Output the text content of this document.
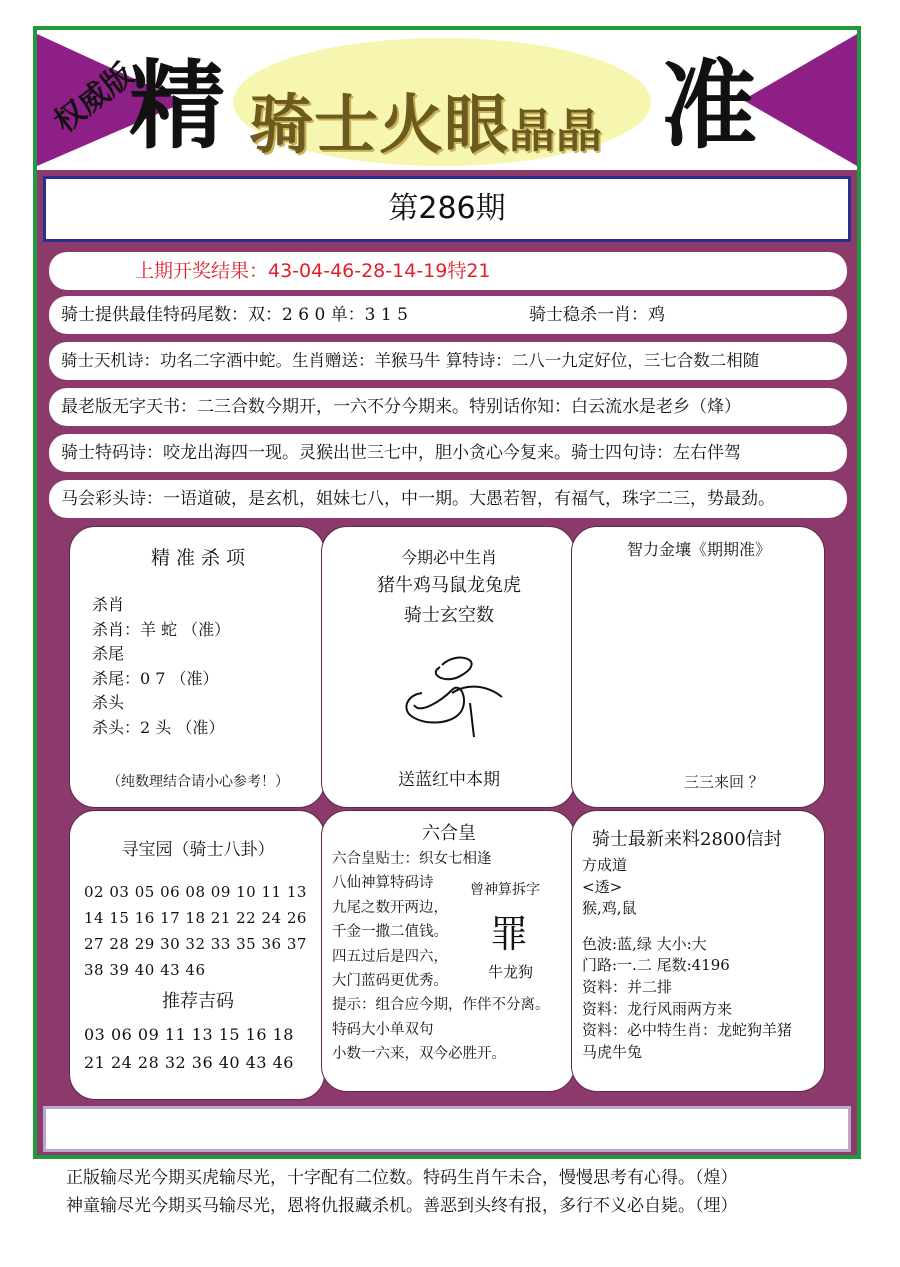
权威版
精 骑士火眼晶晶 准
第286期
上期开奖结果：43-04-46-28-14-19特21
骑士提供最佳特码尾数：双：2 6 0 单：3 1 5	骑士稳杀一肖：鸡
骑士天机诗：功名二字酒中蛇。生肖赠送：羊猴马牛 算特诗：二八一九定好位，三七合数二相随
最老版无字天书：二三合数今期开，一六不分今期来。特别话你知：白云流水是老乡（烽）
骑士特码诗：咬龙出海四一现。灵猴出世三七中，胆小贪心今复来。骑士四句诗：左右伴驾
马会彩头诗：一语道破，是玄机，姐妹七八，中一期。大愚若智，有福气，珠字二三，势最劲。
精 准 杀 项
杀肖
杀肖：羊 蛇 （准）
杀尾
杀尾：0 7 （准）
杀头
杀头：2 头 （准）
（纯数理结合请小心参考！）
今期必中生肖
猪牛鸡马鼠龙兔虎
骑士玄空数
送蓝红中本期
智力金壤《期期准》
三三来回 ？
寻宝园（骑士八卦）
02 03 05 06 08 09 10 11 13
14 15 16 17 18 21 22 24 26
27 28 29 30 32 33 35 36 37
38 39 40 43 46
推荐吉码
03 06 09 11 13 15 16 18
21 24 28 32 36 40 43 46
六合皇
六合皇贴士：织女七相逢
八仙神算特码诗
九尾之数开两边，
千金一撒二值钱。
四五过后是四六，
大门蓝码更优秀。
提示：组合应今期，作伴不分离。
特码大小单双句
小数一六来，双今必胜开。
曾神算拆字
罪
牛龙狗
骑士最新来料2800信封
方成道
<透>
猴,鸡,鼠
色波:蓝,绿 大小:大
门路:一.二 尾数:4196
资料：并二排
资料：龙行风雨两方来
资料：必中特生肖：龙蛇狗羊猪
马虎牛兔
正版输尽光今期买虎输尽光，十字配有二位数。特码生肖午未合，慢慢思考有心得。（煌）
神童输尽光今期买马输尽光，恩将仇报藏杀机。善恶到头终有报，多行不义必自毙。（埋）
